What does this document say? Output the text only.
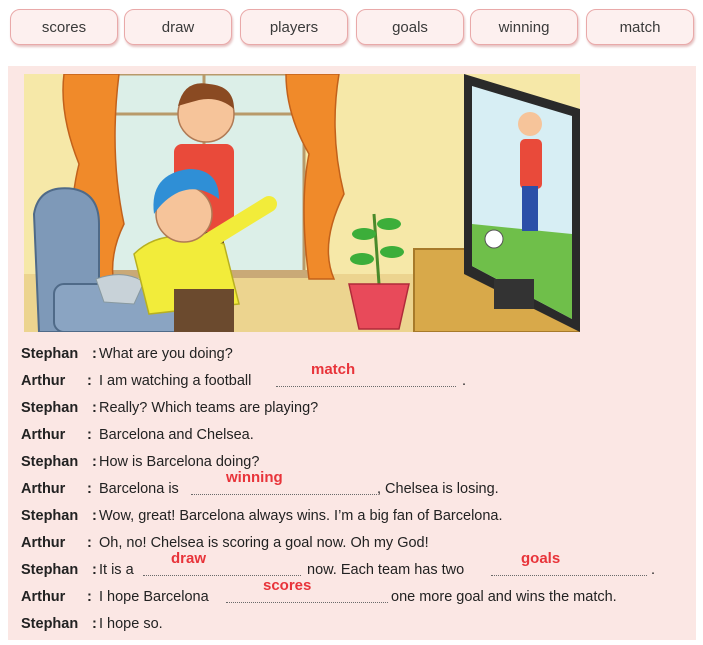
scores	draw	players	goals	winning	match
Stephan : What are you doing?
Arthur : I am watching a football
match
.
Stephan : Really? Which teams are playing?
Arthur : Barcelona and Chelsea.
Stephan : How is Barcelona doing?
Arthur : Barcelona is
winning
, Chelsea is losing.
Stephan : Wow, great! Barcelona always wins. I’m a big fan of Barcelona.
Arthur : Oh, no! Chelsea is scoring a goal now. Oh my God!
Stephan : It is a
draw
now. Each team has two
goals
.
Arthur : I hope Barcelona
scores
one more goal and wins the match.
Stephan : I hope so.
